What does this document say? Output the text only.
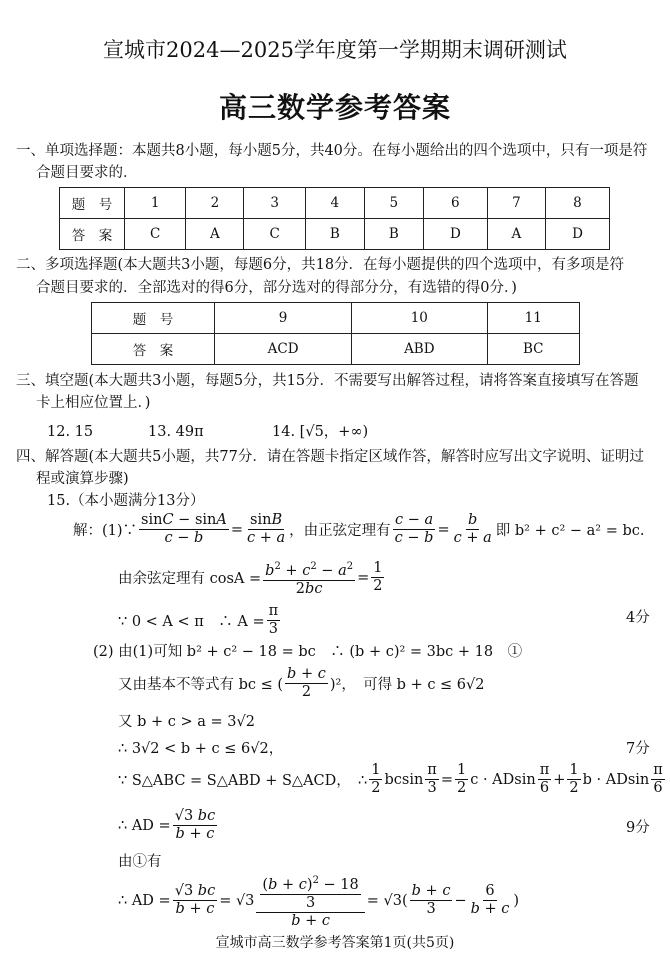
宣城市2024—2025学年度第一学期期末调研测试
高三数学参考答案
一、单项选择题：本题共8小题，每小题5分，共40分。在每小题给出的四个选项中，只有一项是符
合题目要求的．
题　号	1	2	3	4	5	6	7	8
答　案	C	A	C	B	B	D	A	D
二、多项选择题(本大题共3小题，每题6分，共18分．在每小题提供的四个选项中，有多项是符
合题目要求的．全部选对的得6分，部分选对的得部分分，有选错的得0分．)
题　号	9	10	11
答　案	ACD	ABD	BC
三、填空题(本大题共3小题，每题5分，共15分．不需要写出解答过程，请将答案直接填写在答题
卡上相应位置上．)
12. 15	13. 49π	14. [√5，+∞)
四、解答题(本大题共5小题，共77分．请在答题卡指定区域作答，解答时应写出文字说明、证明过
程或演算步骤)
15.（本小题满分13分）
解：(1)∵ $\frac{\sin C - \sin A}{c - b} = \frac{\sin B}{c + a}$ ，由正弦定理有 $\frac{c - a}{c - b} = \frac{b}{c + a}$ 即 b² + c² − a² = bc.
由余弦定理有 $\cos A = \frac{b^2 + c^2 - a^2}{2bc} = \frac{1}{2}$
∵ 0 < A < π　∴ $A = \frac{\pi}{3}$	4分
(2) 由(1)可知 b² + c² − 18 = bc　∴ (b + c)² = 3bc + 18　①
又由基本不等式有 bc ≤ ( $\frac{b + c}{2} )^2$，　可得 b + c ≤ 6√2
又 b + c > a = 3√2
∴ 3√2 < b + c ≤ 6√2，	7分
∵ S△ABC = S△ABD + S△ACD，　∴ $\frac{1}{2}$ bcsin $\frac{\pi}{3} = \frac{1}{2}$ c · ADsin $\frac{\pi}{6} + \frac{1}{2}$ b · ADsin $\frac{\pi}{6}$
∴ AD = $\frac{√3 bc}{b + c}$	9分
由①有
∴ AD = $\frac{√3 bc}{b + c} = √3 \frac{\frac{(b + c)^2 - 18}{3}}{b + c} = √3( \frac{b + c}{3} - \frac{6}{b + c}$ )
宣城市高三数学参考答案第1页(共5页)
